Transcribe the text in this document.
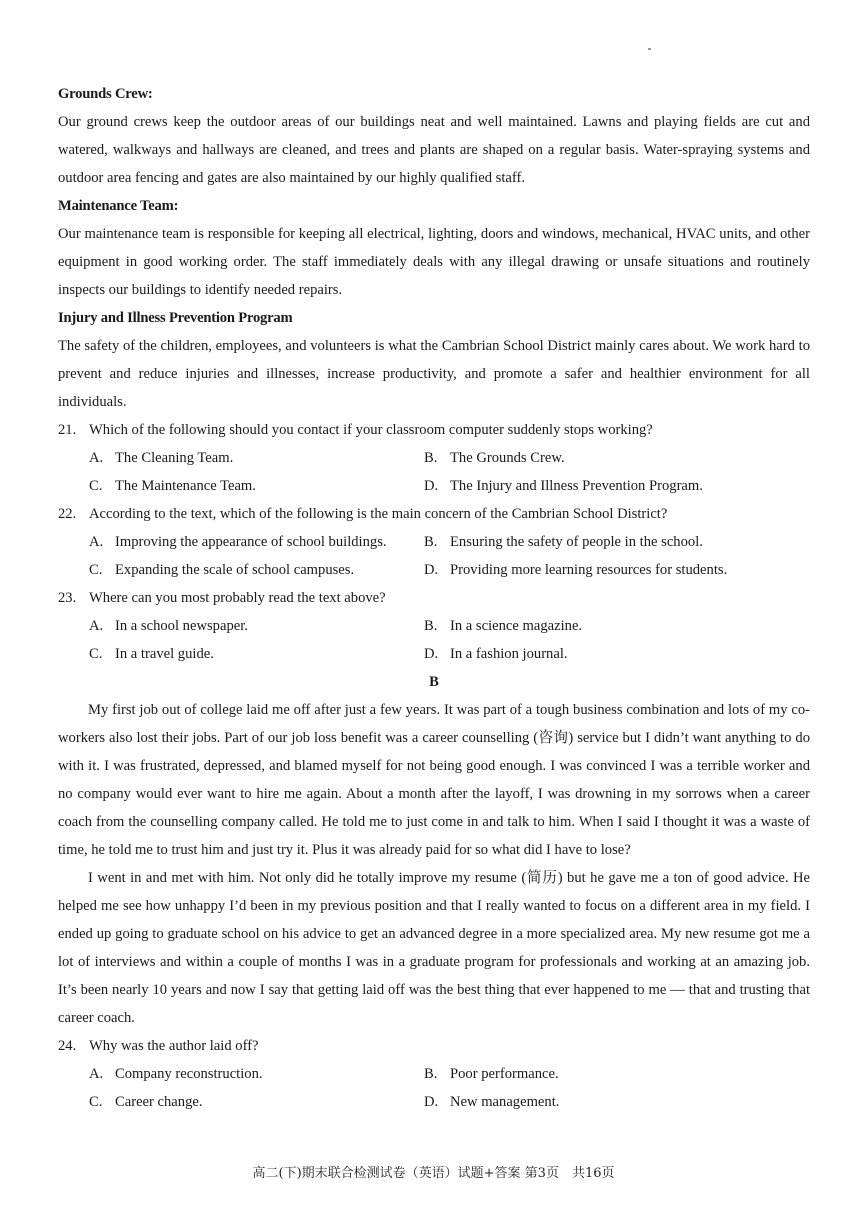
Grounds Crew:

Our ground crews keep the outdoor areas of our buildings neat and well maintained. Lawns and playing fields are cut and watered, walkways and hallways are cleaned, and trees and plants are shaped on a regular basis. Water-spraying systems and outdoor area fencing and gates are also maintained by our highly qualified staff.

Maintenance Team:

Our maintenance team is responsible for keeping all electrical, lighting, doors and windows, mechanical, HVAC units, and other equipment in good working order. The staff immediately deals with any illegal drawing or unsafe situations and routinely inspects our buildings to identify needed repairs.

Injury and Illness Prevention Program

The safety of the children, employees, and volunteers is what the Cambrian School District mainly cares about. We work hard to prevent and reduce injuries and illnesses, increase productivity, and promote a safer and healthier environment for all individuals.

21. Which of the following should you contact if your classroom computer suddenly stops working?
A. The Cleaning Team.	B. The Grounds Crew.
C. The Maintenance Team.	D. The Injury and Illness Prevention Program.
22. According to the text, which of the following is the main concern of the Cambrian School District?
A. Improving the appearance of school buildings.	B. Ensuring the safety of people in the school.
C. Expanding the scale of school campuses.	D. Providing more learning resources for students.
23. Where can you most probably read the text above?
A. In a school newspaper.	B. In a science magazine.
C. In a travel guide.	D. In a fashion journal.
B

My first job out of college laid me off after just a few years. It was part of a tough business combination and lots of my co-workers also lost their jobs. Part of our job loss benefit was a career counselling (咨询) service but I didn’t want anything to do with it. I was frustrated, depressed, and blamed myself for not being good enough. I was convinced I was a terrible worker and no company would ever want to hire me again. About a month after the layoff, I was drowning in my sorrows when a career coach from the counselling company called. He told me to just come in and talk to him. When I said I thought it was a waste of time, he told me to trust him and just try it. Plus it was already paid for so what did I have to lose?

I went in and met with him. Not only did he totally improve my resume (简历) but he gave me a ton of good advice. He helped me see how unhappy I’d been in my previous position and that I really wanted to focus on a different area in my field. I ended up going to graduate school on his advice to get an advanced degree in a more specialized area. My new resume got me a lot of interviews and within a couple of months I was in a graduate program for professionals and working at an amazing job. It’s been nearly 10 years and now I say that getting laid off was the best thing that ever happened to me — that and trusting that career coach.

24. Why was the author laid off?
A. Company reconstruction.	B. Poor performance.
C. Career change.	D. New management.
高二(下)期末联合检测试卷（英语）试题+答案 第3页　共16页
